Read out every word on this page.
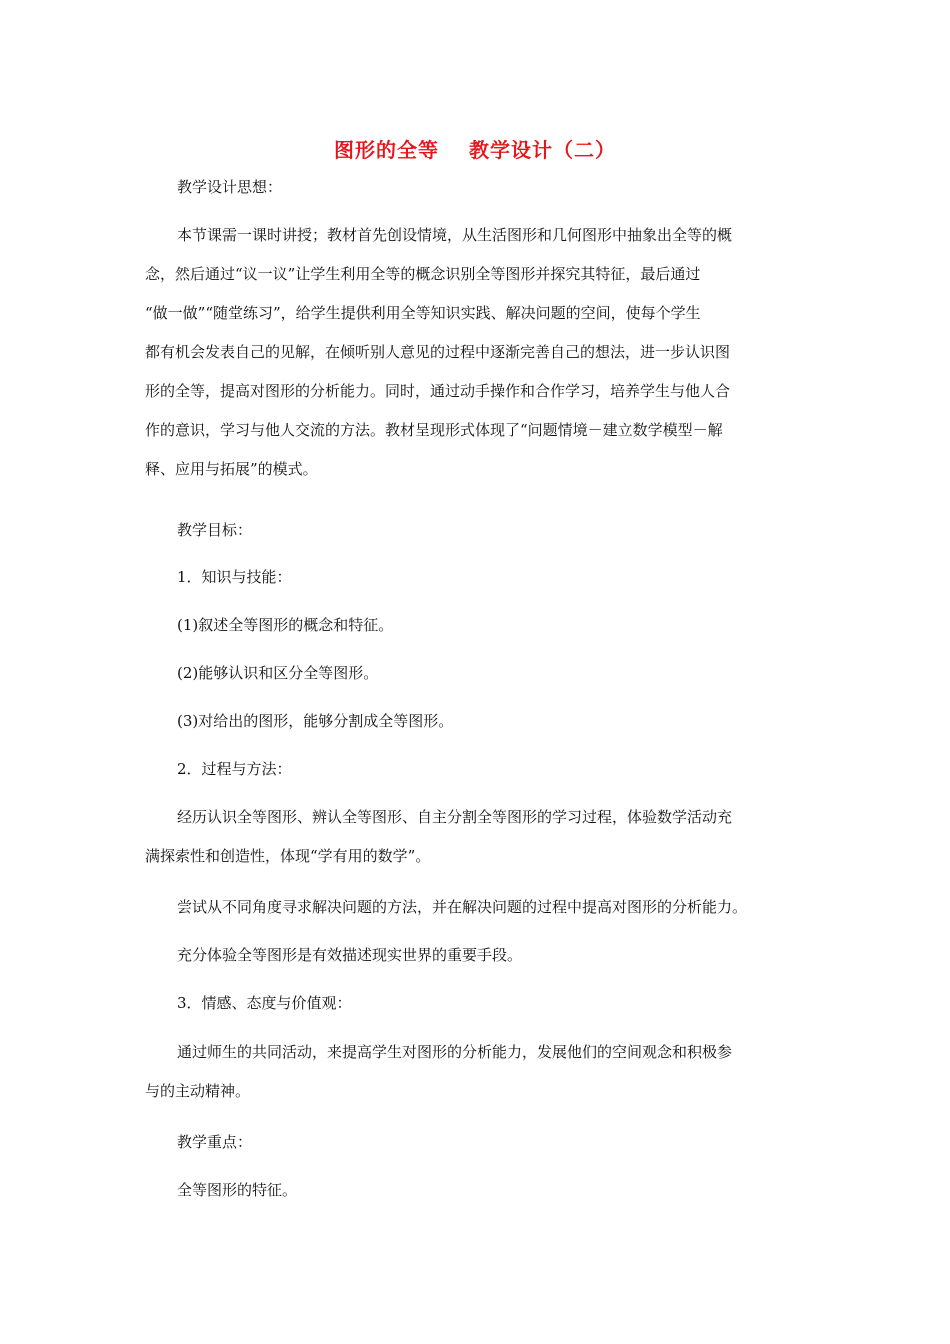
图形的全等 教学设计（二）
教学设计思想：
本节课需一课时讲授；教材首先创设情境，从生活图形和几何图形中抽象出全等的概
念，然后通过“议一议”让学生利用全等的概念识别全等图形并探究其特征，最后通过
“做一做”“随堂练习”，给学生提供利用全等知识实践、解决问题的空间，使每个学生
都有机会发表自己的见解，在倾听别人意见的过程中逐渐完善自己的想法，进一步认识图
形的全等，提高对图形的分析能力。同时，通过动手操作和合作学习，培养学生与他人合
作的意识，学习与他人交流的方法。教材呈现形式体现了“问题情境－建立数学模型－解
释、应用与拓展”的模式。
教学目标：
1．知识与技能：
(1)叙述全等图形的概念和特征。
(2)能够认识和区分全等图形。
(3)对给出的图形，能够分割成全等图形。
2．过程与方法：
经历认识全等图形、辨认全等图形、自主分割全等图形的学习过程，体验数学活动充
满探索性和创造性，体现“学有用的数学”。
尝试从不同角度寻求解决问题的方法，并在解决问题的过程中提高对图形的分析能力。
充分体验全等图形是有效描述现实世界的重要手段。
3．情感、态度与价值观：
通过师生的共同活动，来提高学生对图形的分析能力，发展他们的空间观念和积极参
与的主动精神。
教学重点：
全等图形的特征。
